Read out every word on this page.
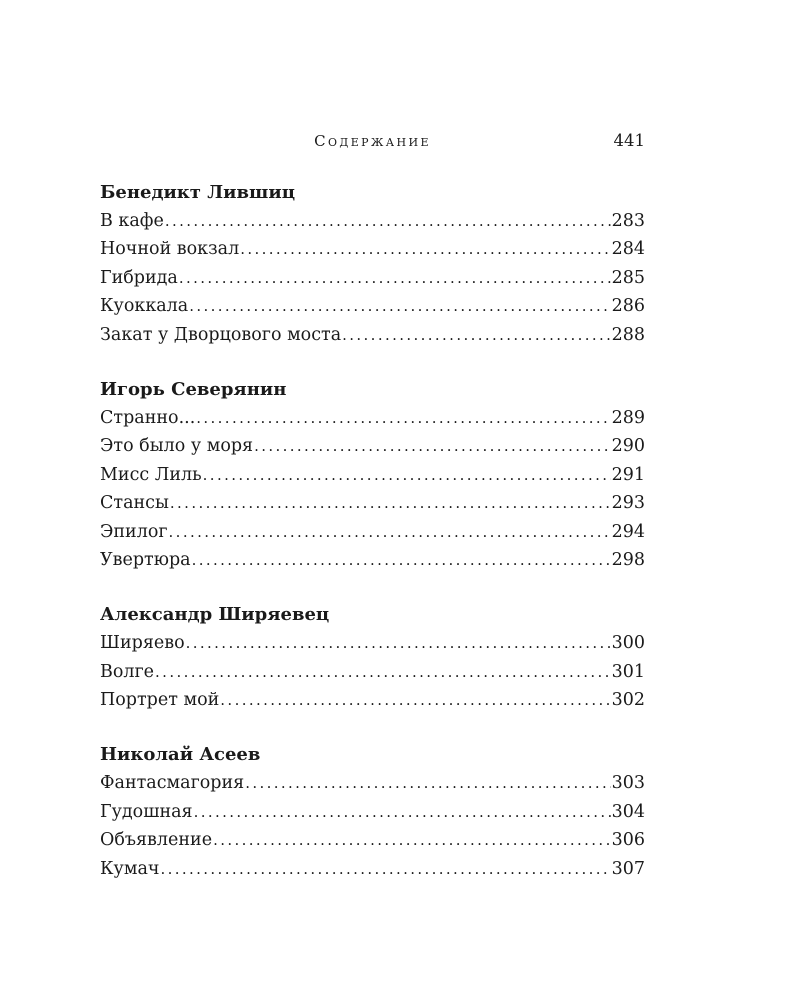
Содержание	441
Бенедикт Лившиц
В кафе . . .	283
Ночной вокзал . . .	284
Гибрида . . .	285
Куоккала . . .	286
Закат у Дворцового моста . . .	288
Игорь Северянин
Странно... . . .	289
Это было у моря . . .	290
Мисс Лиль . . .	291
Стансы . . .	293
Эпилог . . .	294
Увертюра . . .	298
Александр Ширяевец
Ширяево . . .	300
Волге . . .	301
Портрет мой . . .	302
Николай Асеев
Фантасмагория . . .	303
Гудошная . . .	304
Объявление . . .	306
Кумач . . .	307
